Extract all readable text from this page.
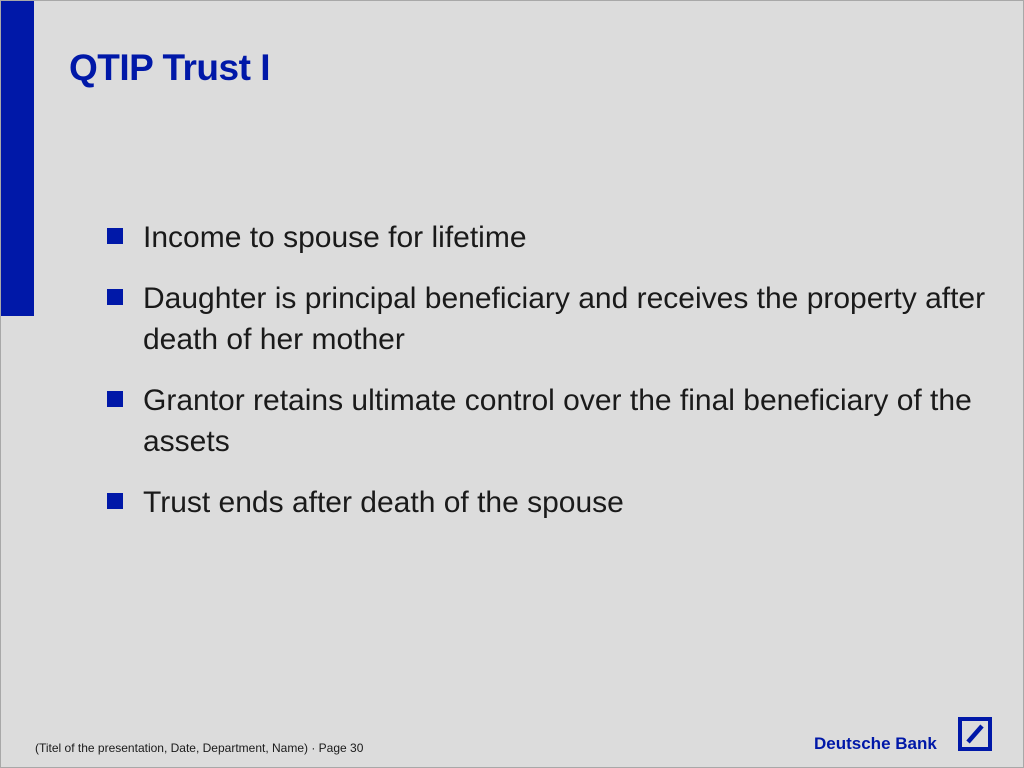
QTIP Trust I
Income to spouse for lifetime
Daughter is principal beneficiary and receives the property after death of her mother
Grantor retains ultimate control over the final beneficiary of the assets
Trust ends after death of the spouse
(Titel of the presentation, Date, Department, Name) · Page 30	Deutsche Bank
